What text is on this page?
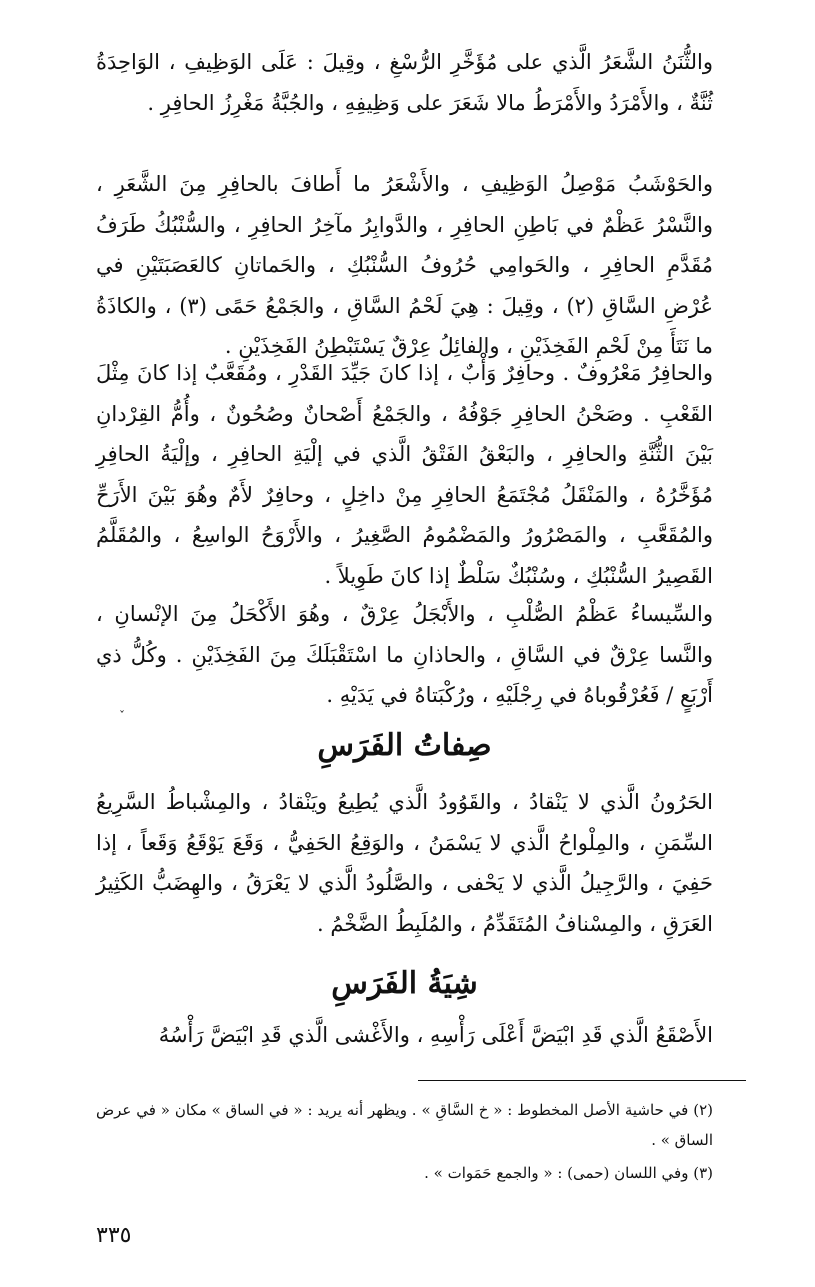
والثُّنَنُ الشَّعَرُ الَّذي على مُؤَخَّرِ الرُّسْغِ ، وقِيلَ : عَلَى الوَظِيفِ ، الوَاحِدَةُ ثُنَّةٌ ، والأَمْرَدُ والأَمْرَطُ مالا شَعَرَ على وَظِيفِهِ ، والجُبَّةُ مَغْرِزُ الحافِرِ .
والحَوْشَبُ مَوْصِلُ الوَظِيفِ ، والأَشْعَرُ ما أَطافَ بالحافِرِ مِنَ الشَّعَرِ ، والنَّسْرُ عَظْمٌ في بَاطِنِ الحافِرِ ، والدَّوابِرُ مآخِرُ الحافِرِ ، والسُّنْبُكُ طَرَفُ مُقَدَّمِ الحافِرِ ، والحَوامِي حُرُوفُ السُّنْبُكِ ، والحَماتانِ كالعَصَبَتَيْنِ في عُرْضِ السَّاقِ (٢) ، وقِيلَ : هِيَ لَحْمُ السَّاقِ ، والجَمْعُ حَمًى (٣) ، والكاذَةُ ما نَتَأَ مِنْ لَحْمِ الفَخِذَيْنِ ، والفائِلُ عِرْقٌ يَسْتَبْطِنُ الفَخِذَيْنِ .
والحافِرُ مَعْرُوفٌ . وحافِرٌ وَأْبٌ ، إذا كانَ جَيِّدَ القَدْرِ ، ومُقَعَّبٌ إذا كانَ مِثْلَ القَعْبِ . وصَحْنُ الحافِرِ جَوْفُهُ ، والجَمْعُ أَصْحانٌ وصُحُونٌ ، وأُمُّ القِرْدانِ بَيْنَ الثُّنَّةِ والحافِرِ ، والبَعْقُ الفَتْقُ الَّذي في إلْيَةِ الحافِرِ ، وإلْيَةُ الحافِرِ مُؤَخَّرُهُ ، والمَنْقَلُ مُجْتَمَعُ الحافِرِ مِنْ داخِلٍ ، وحافِرٌ لأَمٌ وهُوَ بَيْنَ الأَرَحِّ والمُقَعَّبِ ، والمَصْرُورُ والمَضْمُومُ الصَّغِيرُ ، والأَرْوَحُ الواسِعُ ، والمُقَلَّمُ القَصِيرُ السُّنْبُكِ ، وسُنْبُكٌ سَلْطٌ إذا كانَ طَوِيلاً .
والسِّيساءُ عَظْمُ الصُّلْبِ ، والأَبْجَلُ عِرْقٌ ، وهُوَ الأَكْحَلُ مِنَ الإنْسانِ ، والنَّسا عِرْقٌ في السَّاقِ ، والحاذانِ ما اسْتَقْبَلَكَ مِنَ الفَخِذَيْنِ . وكُلُّ ذي أَرْبَعٍ / فَعُرْقُوباهُ في رِجْلَيْهِ ، ورُكْبَتاهُ في يَدَيْهِ .
ˇ
صِفاتُ الفَرَسِ
الحَرُونُ الَّذي لا يَنْقادُ ، والقَوُودُ الَّذي يُطِيعُ ويَنْقادُ ، والمِشْباطُ السَّرِيعُ السِّمَنِ ، والمِلْواحُ الَّذي لا يَسْمَنُ ، والوَقِعُ الحَفِيُّ ، وَقَعَ يَوْقَعُ وَقَعاً ، إذا حَفِيَ ، والرَّجِيلُ الَّذي لا يَحْفى ، والصَّلُودُ الَّذي لا يَعْرَقُ ، والهِضَبُّ الكَثِيرُ العَرَقِ ، والمِسْنافُ المُتَقَدِّمُ ، والمُلَبِطُ الضَّخْمُ .
شِيَةُ الفَرَسِ
الأَصْقَعُ الَّذي قَدِ ابْيَضَّ أَعْلَى رَأْسِهِ ، والأَغْشى الَّذي قَدِ ابْيَضَّ رَأْسُهُ
(٢) في حاشية الأصل المخطوط : « خ السَّاقِ » . ويظهر أنه يريد : « في الساق » مكان « في عرض الساق » .
(٣) وفي اللسان (حمى) : « والجمع حَمَوات » .
٣٣٥
